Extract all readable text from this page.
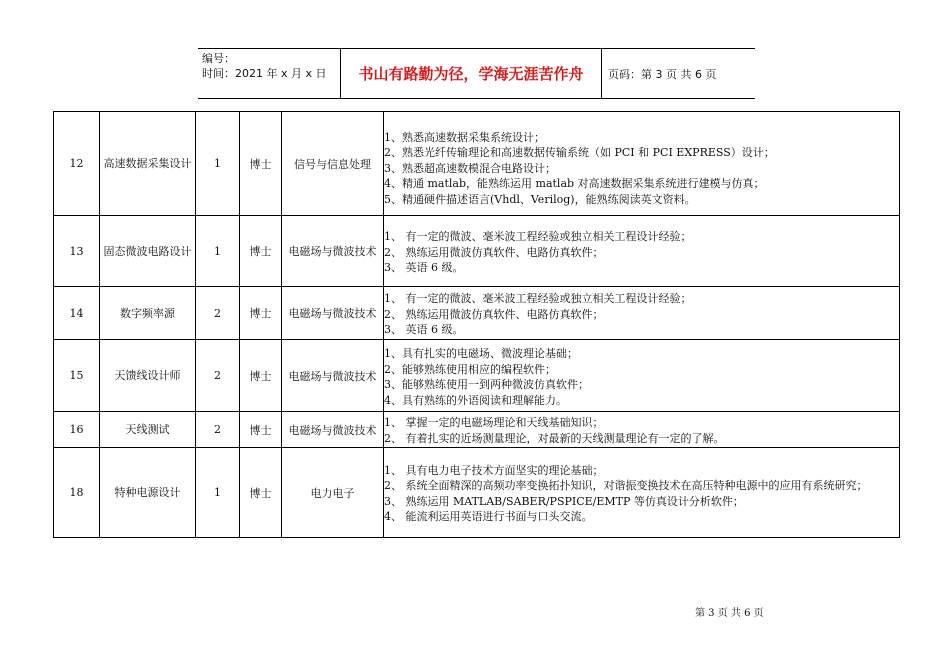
编号：
时间：2021 年 x 月 x 日	书山有路勤为径，学海无涯苦作舟	页码：第 3 页 共 6 页
12	高速数据采集设计	1	博士	信号与信息处理	1、熟悉高速数据采集系统设计；
2、熟悉光纤传输理论和高速数据传输系统（如 PCI 和 PCI EXPRESS）设计；
3、熟悉超高速数模混合电路设计；
4、精通 matlab，能熟练运用 matlab 对高速数据采集系统进行建模与仿真；
5、精通硬件描述语言(Vhdl、Verilog)，能熟练阅读英文资料。

13	固态微波电路设计	1	博士	电磁场与微波技术	1、 有一定的微波、毫米波工程经验或独立相关工程设计经验；
2、 熟练运用微波仿真软件、电路仿真软件；
3、 英语 6 级。

14	数字频率源	2	博士	电磁场与微波技术	1、 有一定的微波、毫米波工程经验或独立相关工程设计经验；
2、 熟练运用微波仿真软件、电路仿真软件；
3、 英语 6 级。

15	天馈线设计师	2	博士	电磁场与微波技术	1、具有扎实的电磁场、微波理论基础；
2、能够熟练使用相应的编程软件；
3、能够熟练使用一到两种微波仿真软件；
4、具有熟练的外语阅读和理解能力。

16	天线测试	2	博士	电磁场与微波技术	1、 掌握一定的电磁场理论和天线基础知识；
2、 有着扎实的近场测量理论，对最新的天线测量理论有一定的了解。

18	特种电源设计	1	博士	电力电子	1、 具有电力电子技术方面坚实的理论基础；
2、 系统全面精深的高频功率变换拓扑知识，对谐振变换技术在高压特种电源中的应用有系统研究；
3、 熟练运用 MATLAB/SABER/PSPICE/EMTP 等仿真设计分析软件；
4、 能流利运用英语进行书面与口头交流。
第 3 页 共 6 页
